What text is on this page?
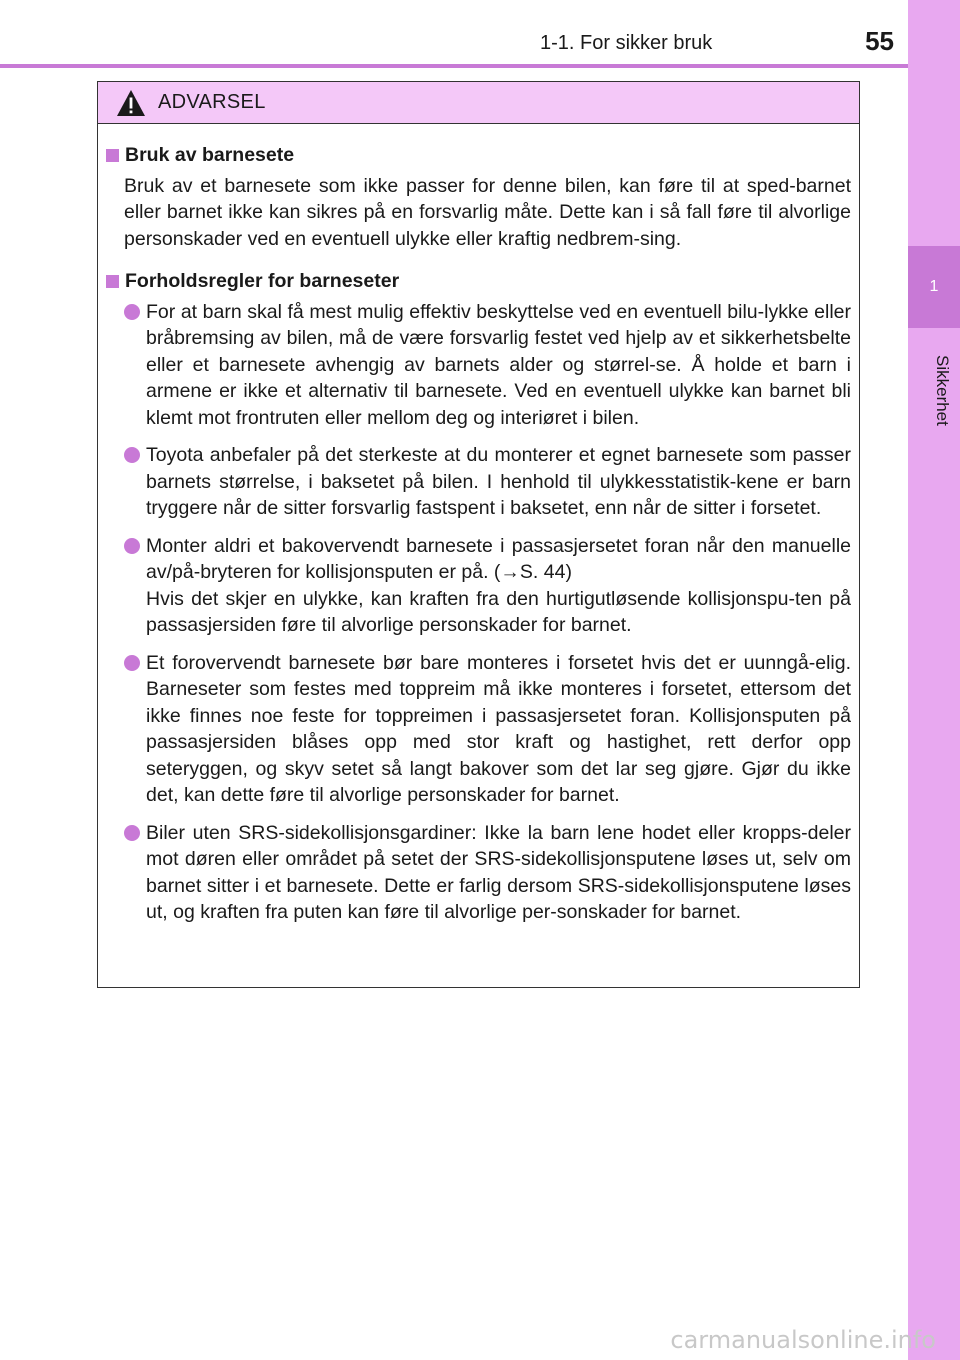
1-1. For sikker bruk	55
1
Sikkerhet
ADVARSEL
Bruk av barnesete
Bruk av et barnesete som ikke passer for denne bilen, kan føre til at sped-barnet eller barnet ikke kan sikres på en forsvarlig måte. Dette kan i så fall føre til alvorlige personskader ved en eventuell ulykke eller kraftig nedbrem-sing.
Forholdsregler for barneseter
For at barn skal få mest mulig effektiv beskyttelse ved en eventuell bilu-lykke eller bråbremsing av bilen, må de være forsvarlig festet ved hjelp av et sikkerhetsbelte eller et barnesete avhengig av barnets alder og størrel-se. Å holde et barn i armene er ikke et alternativ til barnesete. Ved en eventuell ulykke kan barnet bli klemt mot frontruten eller mellom deg og interiøret i bilen.
Toyota anbefaler på det sterkeste at du monterer et egnet barnesete som passer barnets størrelse, i baksetet på bilen. I henhold til ulykkesstatistik-kene er barn tryggere når de sitter forsvarlig fastspent i baksetet, enn når de sitter i forsetet.
Monter aldri et bakovervendt barnesete i passasjersetet foran når den manuelle av/på-bryteren for kollisjonsputen er på. (→S. 44)
Hvis det skjer en ulykke, kan kraften fra den hurtigutløsende kollisjonspu-ten på passasjersiden føre til alvorlige personskader for barnet.
Et forovervendt barnesete bør bare monteres i forsetet hvis det er uunngå-elig. Barneseter som festes med toppreim må ikke monteres i forsetet, ettersom det ikke finnes noe feste for toppreimen i passasjersetet foran. Kollisjonsputen på passasjersiden blåses opp med stor kraft og hastighet, rett derfor opp seteryggen, og skyv setet så langt bakover som det lar seg gjøre. Gjør du ikke det, kan dette føre til alvorlige personskader for barnet.
Biler uten SRS-sidekollisjonsgardiner: Ikke la barn lene hodet eller kropps-deler mot døren eller området på setet der SRS-sidekollisjonsputene løses ut, selv om barnet sitter i et barnesete. Dette er farlig dersom SRS-sidekollisjonsputene løses ut, og kraften fra puten kan føre til alvorlige per-sonskader for barnet.
carmanualsonline.info
